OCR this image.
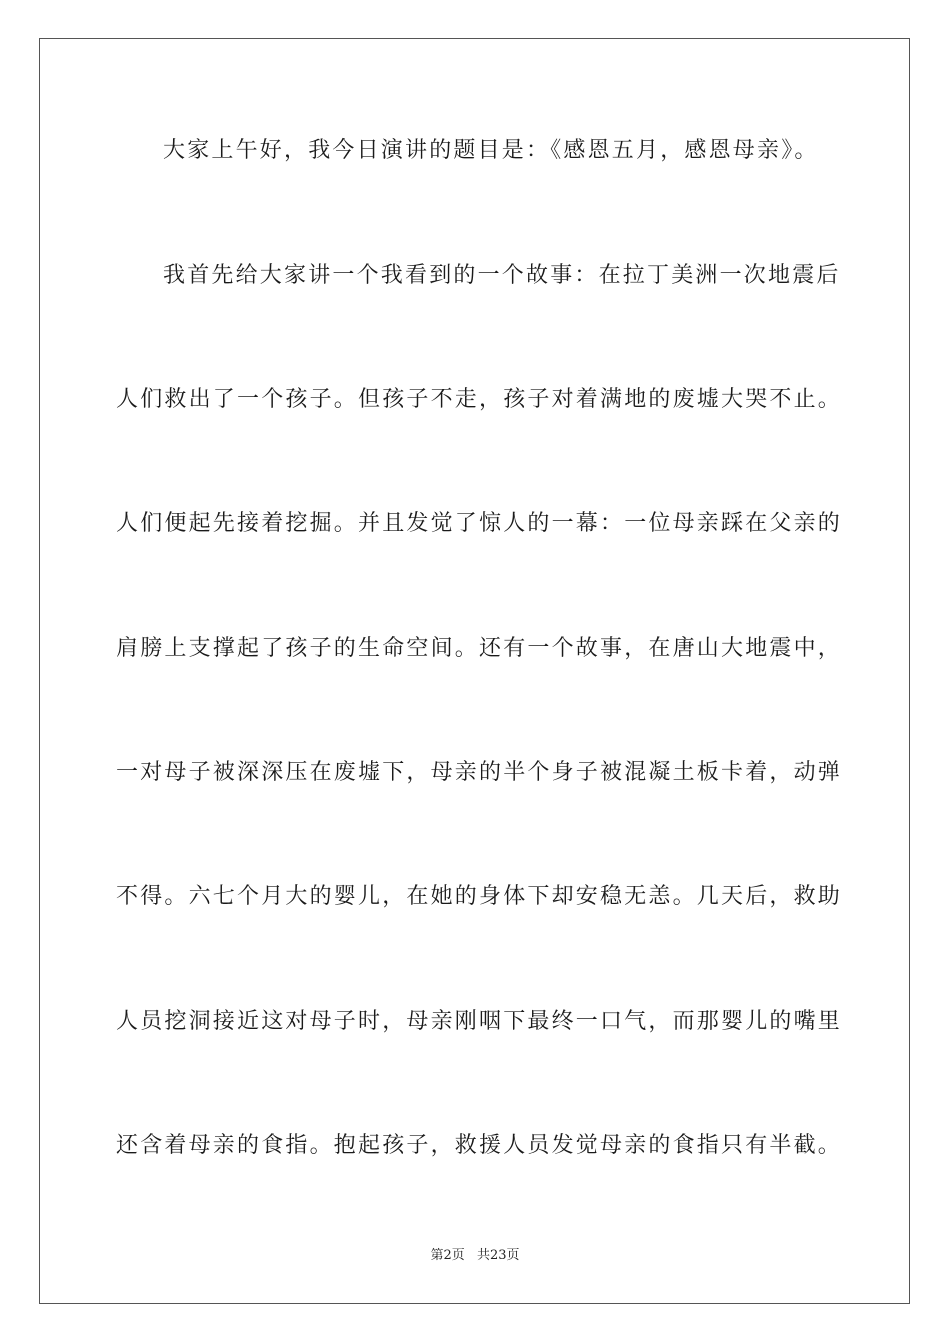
大家上午好，我今日演讲的题目是：《感恩五月，感恩母亲》。
我首先给大家讲一个我看到的一个故事：在拉丁美洲一次地震后
人们救出了一个孩子。但孩子不走，孩子对着满地的废墟大哭不止。
人们便起先接着挖掘。并且发觉了惊人的一幕：一位母亲踩在父亲的
肩膀上支撑起了孩子的生命空间。还有一个故事，在唐山大地震中，
一对母子被深深压在废墟下，母亲的半个身子被混凝土板卡着，动弹
不得。六七个月大的婴儿，在她的身体下却安稳无恙。几天后，救助
人员挖洞接近这对母子时，母亲刚咽下最终一口气，而那婴儿的嘴里
还含着母亲的食指。抱起孩子，救援人员发觉母亲的食指只有半截。
第2页 共23页
